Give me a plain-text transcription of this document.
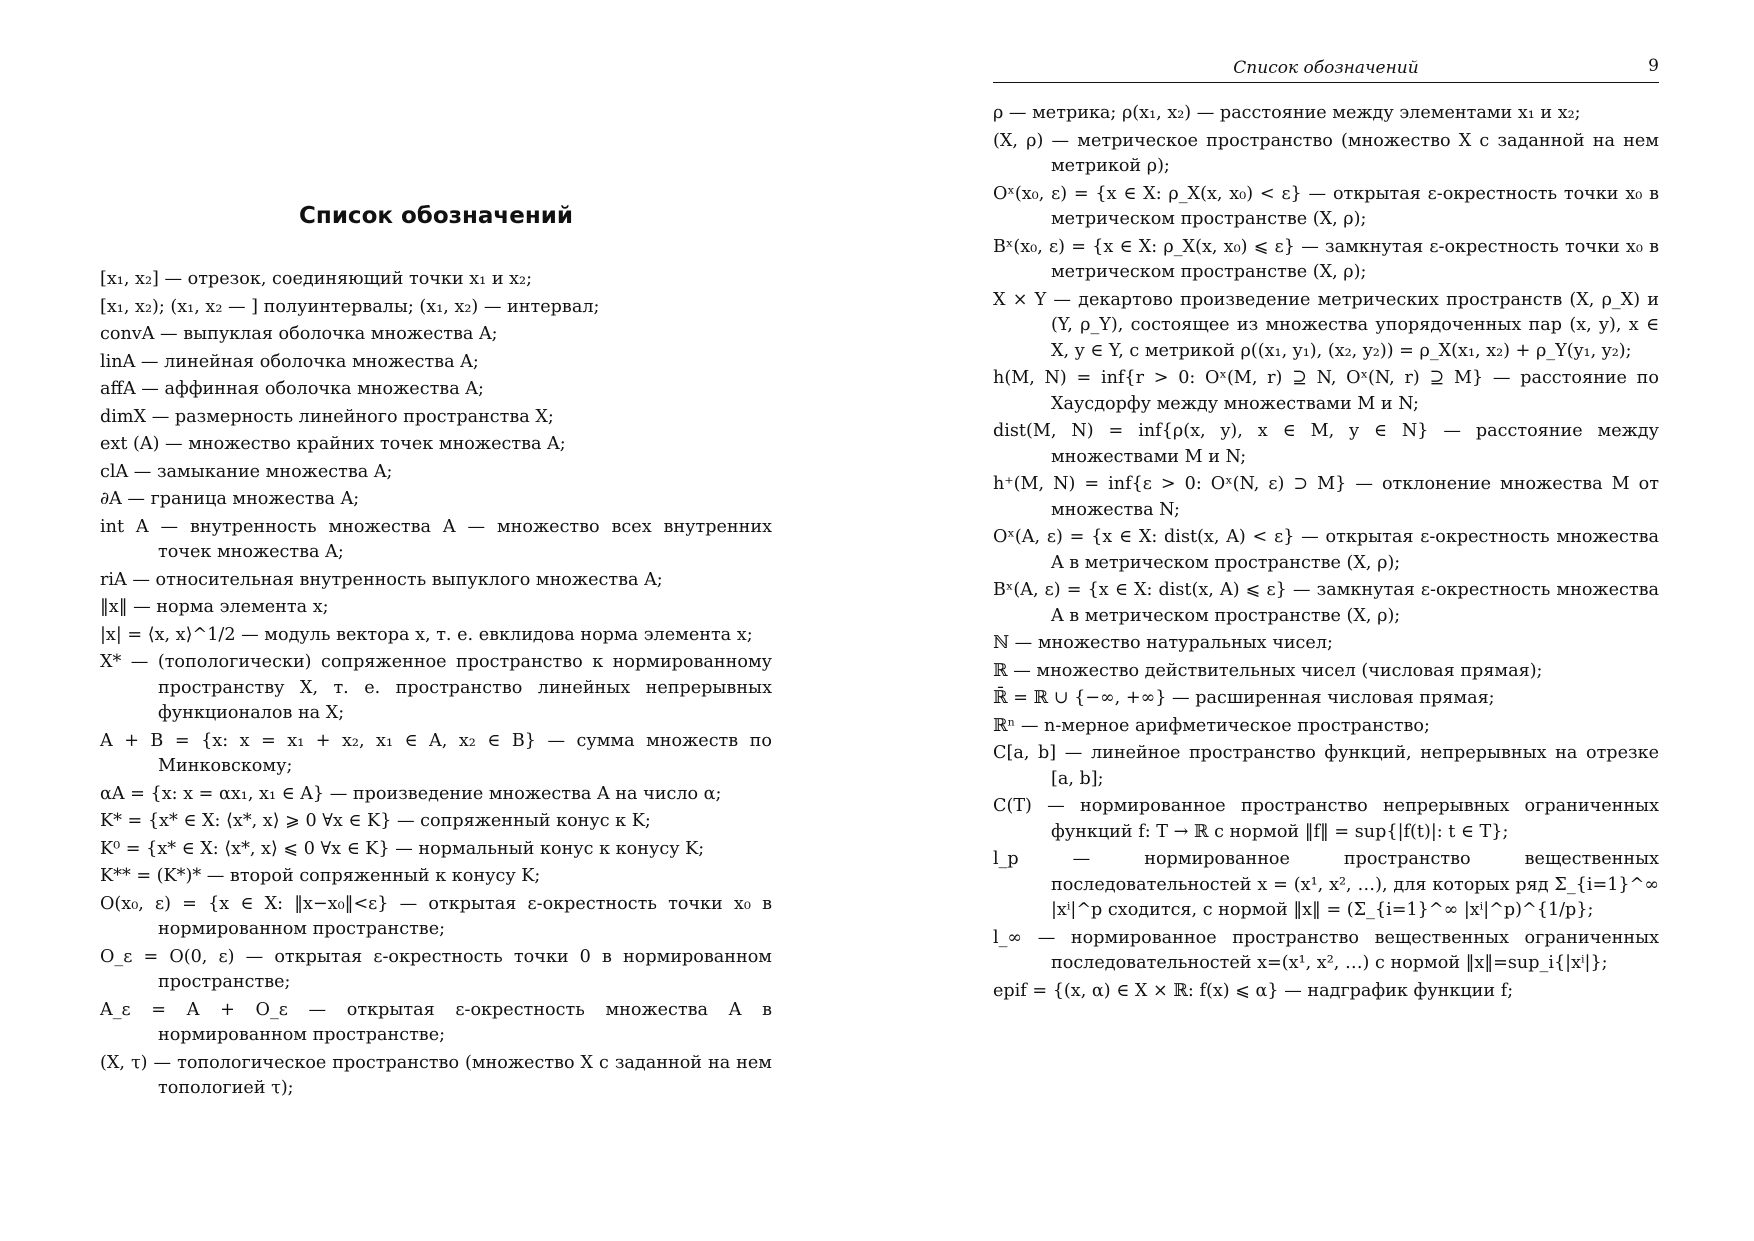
Список обозначений

[x₁, x₂] — отрезок, соединяющий точки x₁ и x₂;

[x₁, x₂); (x₁, x₂ — ] полуинтервалы; (x₁, x₂) — интервал;

convA — выпуклая оболочка множества A;

linA — линейная оболочка множества A;

affA — аффинная оболочка множества A;

dimX — размерность линейного пространства X;

ext (A) — множество крайних точек множества A;

clA — замыкание множества A;

∂A — граница множества A;

int A — внутренность множества A — множество всех внутренних точек множества A;

riA — относительная внутренность выпуклого множества A;

‖x‖ — норма элемента x;

|x| = ⟨x, x⟩^1/2 — модуль вектора x, т. е. евклидова норма элемента x;

X* — (топологически) сопряженное пространство к нормированному пространству X, т. е. пространство линейных непрерывных функционалов на X;

A + B = {x: x = x₁ + x₂, x₁ ∈ A, x₂ ∈ B} — сумма множеств по Минковскому;

αA = {x: x = αx₁, x₁ ∈ A} — произведение множества A на число α;

K* = {x* ∈ X: ⟨x*, x⟩ ⩾ 0 ∀x ∈ K} — сопряженный конус к K;

K⁰ = {x* ∈ X: ⟨x*, x⟩ ⩽ 0 ∀x ∈ K} — нормальный конус к конусу K;

K** = (K*)* — второй сопряженный к конусу K;

O(x₀, ε) = {x ∈ X: ‖x−x₀‖<ε} — открытая ε-окрестность точки x₀ в нормированном пространстве;

O_ε = O(0, ε) — открытая ε-окрестность точки 0 в нормированном пространстве;

A_ε = A + O_ε — открытая ε-окрестность множества A в нормированном пространстве;

(X, τ) — топологическое пространство (множество X с заданной на нем топологией τ);

Список обозначений	9

ρ — метрика; ρ(x₁, x₂) — расстояние между элементами x₁ и x₂;

(X, ρ) — метрическое пространство (множество X с заданной на нем метрикой ρ);

Oˣ(x₀, ε) = {x ∈ X: ρ_X(x, x₀) < ε} — открытая ε-окрестность точки x₀ в метрическом пространстве (X, ρ);

Bˣ(x₀, ε) = {x ∈ X: ρ_X(x, x₀) ⩽ ε} — замкнутая ε-окрестность точки x₀ в метрическом пространстве (X, ρ);

X × Y — декартово произведение метрических пространств (X, ρ_X) и (Y, ρ_Y), состоящее из множества упорядоченных пар (x, y), x ∈ X, y ∈ Y, с метрикой ρ((x₁, y₁), (x₂, y₂)) = ρ_X(x₁, x₂) + ρ_Y(y₁, y₂);

h(M, N) = inf{r > 0: Oˣ(M, r) ⊇ N, Oˣ(N, r) ⊇ M} — расстояние по Хаусдорфу между множествами M и N;

dist(M, N) = inf{ρ(x, y), x ∈ M, y ∈ N} — расстояние между множествами M и N;

h⁺(M, N) = inf{ε > 0: Oˣ(N, ε) ⊃ M} — отклонение множества M от множества N;

Oˣ(A, ε) = {x ∈ X: dist(x, A) < ε} — открытая ε-окрестность множества A в метрическом пространстве (X, ρ);

Bˣ(A, ε) = {x ∈ X: dist(x, A) ⩽ ε} — замкнутая ε-окрестность множества A в метрическом пространстве (X, ρ);

ℕ — множество натуральных чисел;

ℝ — множество действительных чисел (числовая прямая);

ℝ̄ = ℝ ∪ {−∞, +∞} — расширенная числовая прямая;

ℝⁿ — n-мерное арифметическое пространство;

C[a, b] — линейное пространство функций, непрерывных на отрезке [a, b];

C(T) — нормированное пространство непрерывных ограниченных функций f: T → ℝ с нормой ‖f‖ = sup{|f(t)|: t ∈ T};

l_p — нормированное пространство вещественных последовательностей x = (x¹, x², …), для которых ряд Σ_{i=1}^∞ |xⁱ|^p сходится, с нормой ‖x‖ = (Σ_{i=1}^∞ |xⁱ|^p)^{1/p};

l_∞ — нормированное пространство вещественных ограниченных последовательностей x=(x¹, x², …) с нормой ‖x‖=sup_i{|xⁱ|};

epif = {(x, α) ∈ X × ℝ: f(x) ⩽ α} — надграфик функции f;
